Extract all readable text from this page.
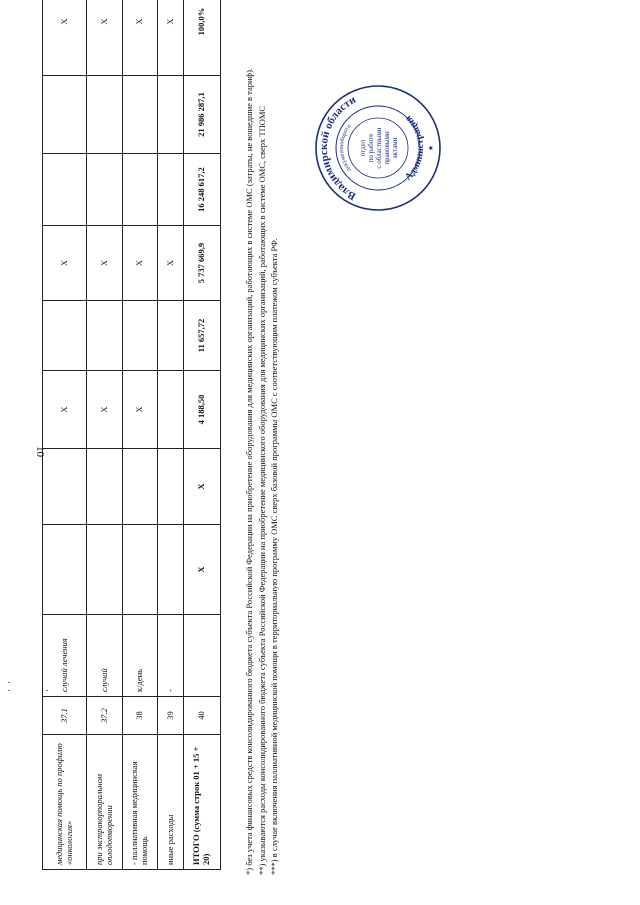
10
медицинская помощь по профилю «онкология»	37.1	случай лечения			X		X			X
при экстракорпоральном оплодотворении	37.2	случай			X		X			X
- паллиативная медицинская помощь	38	к/день			X		X			X
иные расходы	39	-					X			X
ИТОГО (сумма строк 01 + 15 + 20)	40		X	X	4 188,50	11 657,72	5 737 669,9	16 248 617,2	21 986 287,1	100,0%

*) без учета финансовых средств консолидированного бюджета субъекта Российской Федерации на приобретение оборудования для медицинских организаций, работающих в системе ОМС (затраты, не вошедшие в тариф). **) указываются расходы консолидированного бюджета субъекта Российской Федерации на приобретение медицинского оборудования для медицинских организаций, работающих в системе ОМС, сверх ТПОМС ***) в случае включения паллиативной медицинской помощи в территориальную программу ОМС сверх базовой программы ОМС с соответствующим платежом субъекта РФ.

Владимирской области
Администрация
документооборота
отдел по работе с областными правовыми актами	★
